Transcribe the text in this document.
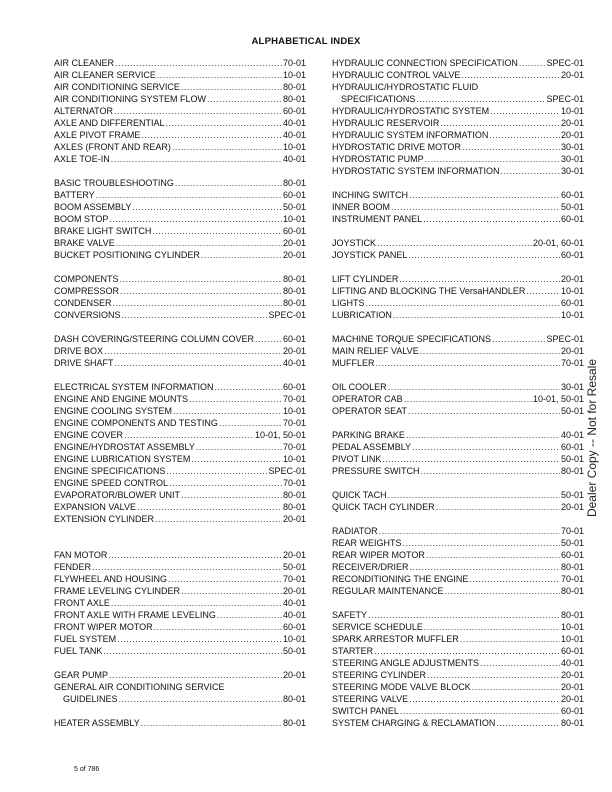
ALPHABETICAL INDEX
AIR CLEANER .....	70-01
AIR CLEANER SERVICE .....	10-01
AIR CONDITIONING SERVICE .....	80-01
AIR CONDITIONING SYSTEM FLOW .....	80-01
ALTERNATOR .....	60-01
AXLE AND DIFFERENTIAL .....	40-01
AXLE PIVOT FRAME .....	40-01
AXLES (FRONT AND REAR) .....	10-01
AXLE TOE-IN .....	40-01
BASIC TROUBLESHOOTING .....	80-01
BATTERY .....	60-01
BOOM ASSEMBLY .....	50-01
BOOM STOP .....	10-01
BRAKE LIGHT SWITCH .....	60-01
BRAKE VALVE .....	20-01
BUCKET POSITIONING CYLINDER .....	20-01
COMPONENTS .....	80-01
COMPRESSOR .....	80-01
CONDENSER .....	80-01
CONVERSIONS .....	SPEC-01
DASH COVERING/STEERING COLUMN COVER .....	60-01
DRIVE BOX .....	20-01
DRIVE SHAFT .....	40-01
ELECTRICAL SYSTEM INFORMATION .....	60-01
ENGINE AND ENGINE MOUNTS .....	70-01
ENGINE COOLING SYSTEM .....	10-01
ENGINE COMPONENTS AND TESTING .....	70-01
ENGINE COVER .....	10-01, 50-01
ENGINE/HYDROSTAT ASSEMBLY .....	70-01
ENGINE LUBRICATION SYSTEM .....	10-01
ENGINE SPECIFICATIONS .....	SPEC-01
ENGINE SPEED CONTROL .....	70-01
EVAPORATOR/BLOWER UNIT .....	80-01
EXPANSION VALVE .....	80-01
EXTENSION CYLINDER .....	20-01
FAN MOTOR .....	20-01
FENDER .....	50-01
FLYWHEEL AND HOUSING .....	70-01
FRAME LEVELING CYLINDER .....	20-01
FRONT AXLE .....	40-01
FRONT AXLE WITH FRAME LEVELING .....	40-01
FRONT WIPER MOTOR .....	60-01
FUEL SYSTEM .....	10-01
FUEL TANK .....	50-01
GEAR PUMP .....	20-01
GENERAL AIR CONDITIONING SERVICE
GUIDELINES .....	80-01
HEATER ASSEMBLY .....	80-01
HYDRAULIC CONNECTION SPECIFICATION .....	SPEC-01
HYDRAULIC CONTROL VALVE .....	20-01
HYDRAULIC/HYDROSTATIC FLUID
SPECIFICATIONS .....	SPEC-01
HYDRAULIC/HYDROSTATIC SYSTEM .....	10-01
HYDRAULIC RESERVOIR .....	20-01
HYDRAULIC SYSTEM INFORMATION .....	20-01
HYDROSTATIC DRIVE MOTOR .....	30-01
HYDROSTATIC PUMP .....	30-01
HYDROSTATIC SYSTEM INFORMATION .....	30-01
INCHING SWITCH .....	60-01
INNER BOOM .....	50-01
INSTRUMENT PANEL .....	60-01
JOYSTICK .....	20-01, 60-01
JOYSTICK PANEL .....	60-01
LIFT CYLINDER .....	20-01
LIFTING AND BLOCKING THE VersaHANDLER .....	10-01
LIGHTS .....	60-01
LUBRICATION .....	10-01
MACHINE TORQUE SPECIFICATIONS .....	SPEC-01
MAIN RELIEF VALVE .....	20-01
MUFFLER .....	70-01
OIL COOLER .....	30-01
OPERATOR CAB .....	10-01, 50-01
OPERATOR SEAT .....	50-01
PARKING BRAKE .....	40-01
PEDAL ASSEMBLY .....	60-01
PIVOT LINK .....	50-01
PRESSURE SWITCH .....	80-01
QUICK TACH .....	50-01
QUICK TACH CYLINDER .....	20-01
RADIATOR .....	70-01
REAR WEIGHTS .....	50-01
REAR WIPER MOTOR .....	60-01
RECEIVER/DRIER .....	80-01
RECONDITIONING THE ENGINE .....	70-01
REGULAR MAINTENANCE .....	80-01
SAFETY .....	80-01
SERVICE SCHEDULE .....	10-01
SPARK ARRESTOR MUFFLER .....	10-01
STARTER .....	60-01
STEERING ANGLE ADJUSTMENTS .....	40-01
STEERING CYLINDER .....	20-01
STEERING MODE VALVE BLOCK .....	20-01
STEERING VALVE .....	20-01
SWITCH PANEL .....	60-01
SYSTEM CHARGING & RECLAMATION .....	80-01
5 of 786
Dealer Copy -- Not for Resale
